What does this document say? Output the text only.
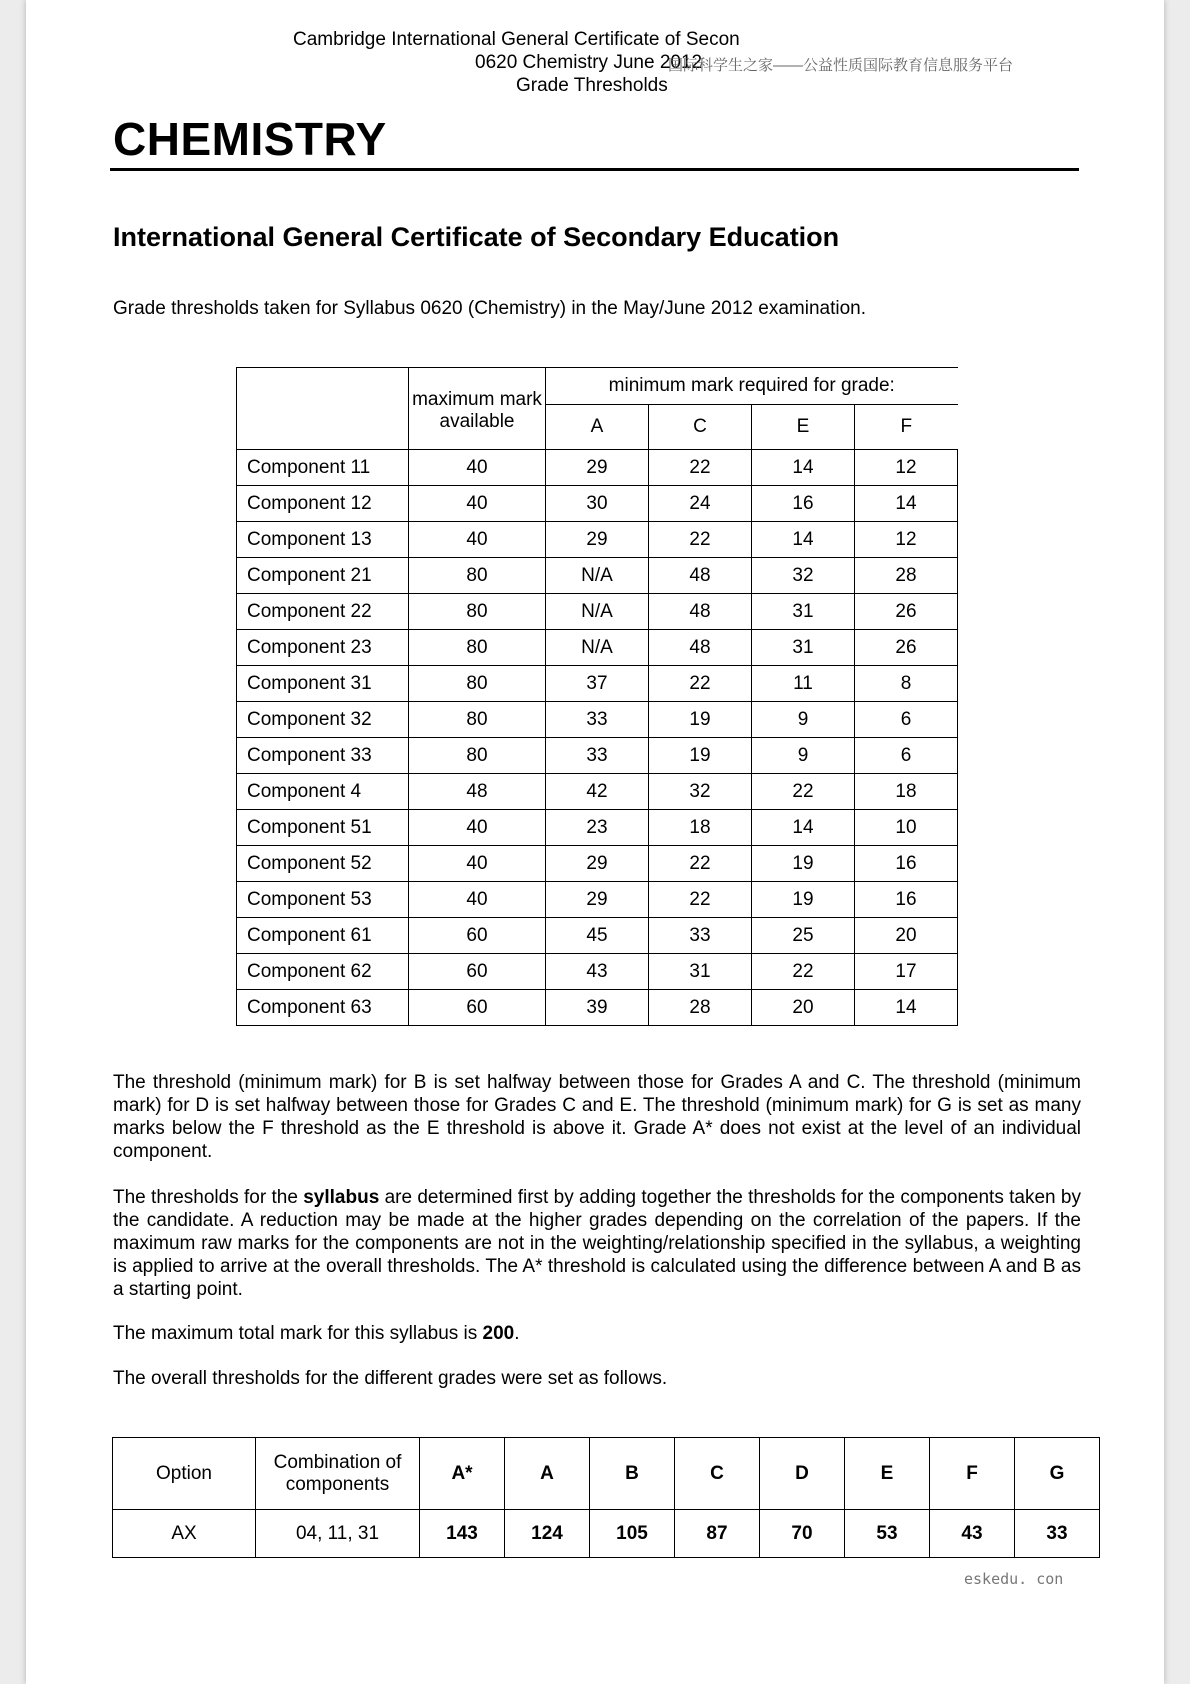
Cambridge International General Certificate of Secon
0620 Chemistry June 2012
Grade Thresholds
国际科学生之家——公益性质国际教育信息服务平台
CHEMISTRY
International General Certificate of Secondary Education
Grade thresholds taken for Syllabus 0620 (Chemistry) in the May/June 2012 examination.
	maximum mark available	minimum mark required for grade:			
		A	C	E	F
Component 11	40	29	22	14	12
Component 12	40	30	24	16	14
Component 13	40	29	22	14	12
Component 21	80	N/A	48	32	28
Component 22	80	N/A	48	31	26
Component 23	80	N/A	48	31	26
Component 31	80	37	22	11	8
Component 32	80	33	19	9	6
Component 33	80	33	19	9	6
Component 4	48	42	32	22	18
Component 51	40	23	18	14	10
Component 52	40	29	22	19	16
Component 53	40	29	22	19	16
Component 61	60	45	33	25	20
Component 62	60	43	31	22	17
Component 63	60	39	28	20	14
The threshold (minimum mark) for B is set halfway between those for Grades A and C. The threshold (minimum mark) for D is set halfway between those for Grades C and E. The threshold (minimum mark) for G is set as many marks below the F threshold as the E threshold is above it. Grade A* does not exist at the level of an individual component.
The thresholds for the syllabus are determined first by adding together the thresholds for the components taken by the candidate. A reduction may be made at the higher grades depending on the correlation of the papers. If the maximum raw marks for the components are not in the weighting/relationship specified in the syllabus, a weighting is applied to arrive at the overall thresholds. The A* threshold is calculated using the difference between A and B as a starting point.
The maximum total mark for this syllabus is 200.
The overall thresholds for the different grades were set as follows.
Option	Combination of components	A*	A	B	C	D	E	F	G
AX	04, 11, 31	143	124	105	87	70	53	43	33
eskedu. con
